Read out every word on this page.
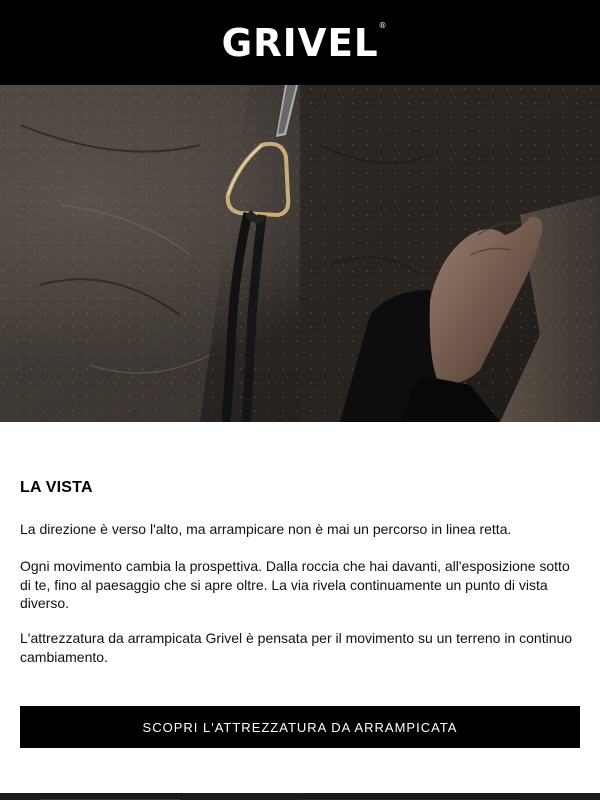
GRIVEL ®
LA VISTA

La direzione è verso l'alto, ma arrampicare non è mai un percorso in linea retta.

Ogni movimento cambia la prospettiva. Dalla roccia che hai davanti, all'esposizione sotto di te, fino al paesaggio che si apre oltre. La via rivela continuamente un punto di vista diverso.

L'attrezzatura da arrampicata Grivel è pensata per il movimento su un terreno in continuo cambiamento.

SCOPRI L'ATTREZZATURA DA ARRAMPICATA
